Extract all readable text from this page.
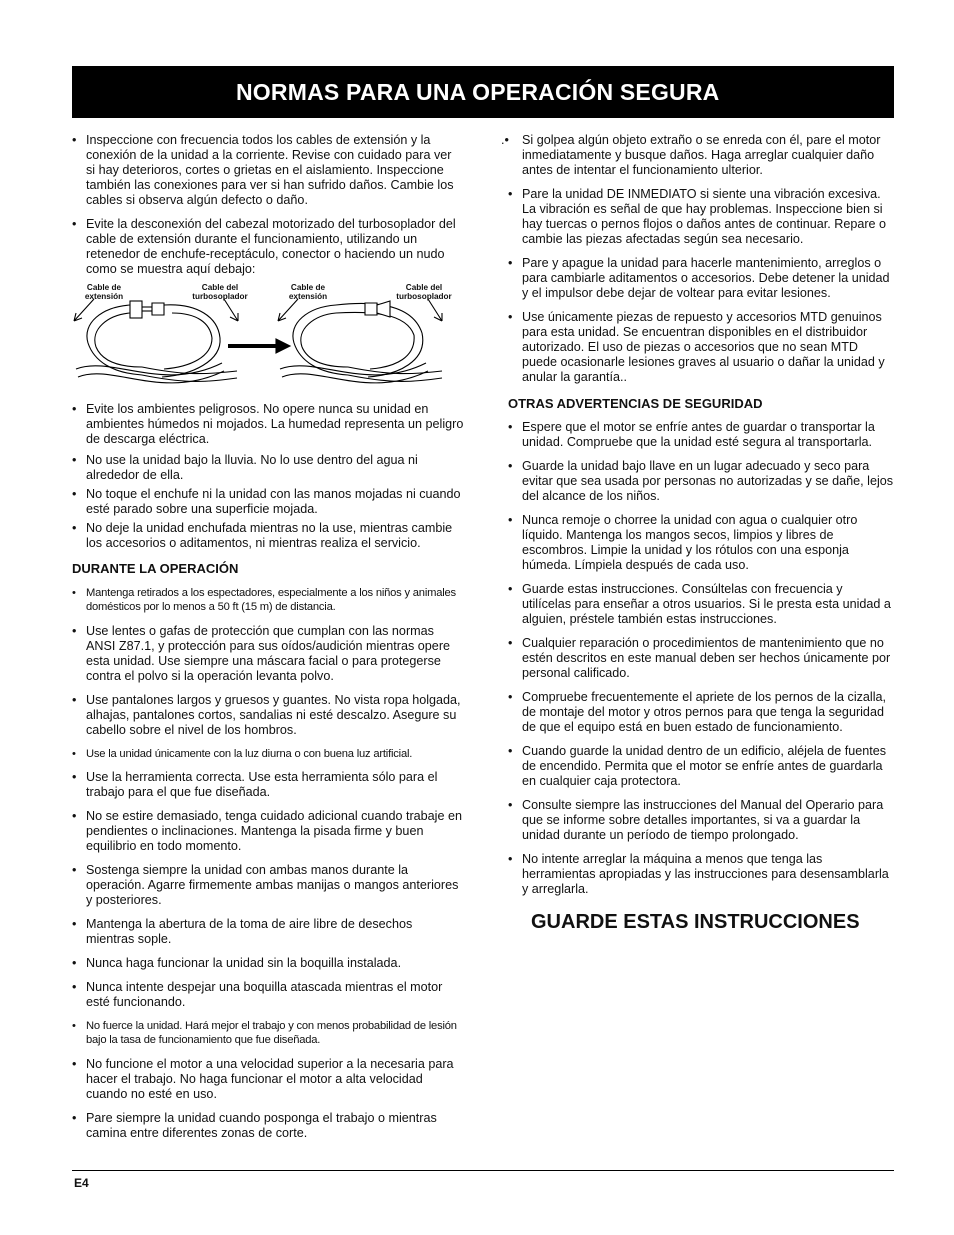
NORMAS PARA UNA OPERACIÓN SEGURA
• Inspeccione con frecuencia todos los cables de extensión y la conexión de la unidad a la corriente. Revise con cuidado para ver si hay deterioros, cortes o grietas en el aislamiento. Inspeccione también las conexiones para ver si han sufrido daños. Cambie los cables si observa algún defecto o daño.
• Evite la desconexión del cabezal motorizado del turbosoplador del cable de extensión durante el funcionamiento, utilizando un retenedor de enchufe-receptáculo, conector o haciendo un nudo como se muestra aquí debajo:
Cable de extensión
Cable del turbosoplador
Cable de extensión
Cable del turbosoplador
• Evite los ambientes peligrosos. No opere nunca su unidad en ambientes húmedos ni mojados. La humedad representa un peligro de descarga eléctrica.
• No use la unidad bajo la lluvia. No lo use dentro del agua ni alrededor de ella.
• No toque el enchufe ni la unidad con las manos mojadas ni cuando esté parado sobre una superficie mojada.
• No deje la unidad enchufada mientras no la use, mientras cambie los accesorios o aditamentos, ni mientras realiza el servicio.
DURANTE LA OPERACIÓN
• Mantenga retirados a los espectadores, especialmente a los niños y animales domésticos por lo menos a 50 ft (15 m) de distancia.
• Use lentes o gafas de protección que cumplan con las normas ANSI Z87.1, y protección para sus oídos/audición mientras opere esta unidad. Use siempre una máscara facial o para protegerse contra el polvo si la operación levanta polvo.
• Use pantalones largos y gruesos y guantes. No vista ropa holgada, alhajas, pantalones cortos, sandalias ni esté descalzo. Asegure su cabello sobre el nivel de los hombros.
• Use la unidad únicamente con la luz diurna o con buena luz artificial.
• Use la herramienta correcta. Use esta herramienta sólo para el trabajo para el que fue diseñada.
• No se estire demasiado, tenga cuidado adicional cuando trabaje en pendientes o inclinaciones. Mantenga la pisada firme y buen equilibrio en todo momento.
• Sostenga siempre la unidad con ambas manos durante la operación. Agarre firmemente ambas manijas o mangos anteriores y posteriores.
• Mantenga la abertura de la toma de aire libre de desechos mientras sople.
• Nunca haga funcionar la unidad sin la boquilla instalada.
• Nunca intente despejar una boquilla atascada mientras el motor esté funcionando.
• No fuerce la unidad. Hará mejor el trabajo y con menos probabilidad de lesión bajo la tasa de funcionamiento que fue diseñada.
• No funcione el motor a una velocidad superior a la necesaria para hacer el trabajo. No haga funcionar el motor a alta velocidad cuando no esté en uso.
• Pare siempre la unidad cuando posponga el trabajo o mientras camina entre diferentes zonas de corte.
.• Si golpea algún objeto extraño o se enreda con él, pare el motor inmediatamente y busque daños. Haga arreglar cualquier daño antes de intentar el funcionamiento ulterior.
• Pare la unidad DE INMEDIATO si siente una vibración excesiva. La vibración es señal de que hay problemas. Inspeccione bien si hay tuercas o pernos flojos o daños antes de continuar. Repare o cambie las piezas afectadas según sea necesario.
• Pare y apague la unidad para hacerle mantenimiento, arreglos o para cambiarle aditamentos o accesorios. Debe detener la unidad y el impulsor debe dejar de voltear para evitar lesiones.
• Use únicamente piezas de repuesto y accesorios MTD genuinos para esta unidad. Se encuentran disponibles en el distribuidor autorizado. El uso de piezas o accesorios que no sean MTD puede ocasionarle lesiones graves al usuario o dañar la unidad y anular la garantía..
OTRAS ADVERTENCIAS DE SEGURIDAD
• Espere que el motor se enfríe antes de guardar o transportar la unidad. Compruebe que la unidad esté segura al transportarla.
• Guarde la unidad bajo llave en un lugar adecuado y seco para evitar que sea usada por personas no autorizadas y se dañe, lejos del alcance de los niños.
• Nunca remoje o chorree la unidad con agua o cualquier otro líquido. Mantenga los mangos secos, limpios y libres de escombros. Limpie la unidad y los rótulos con una esponja húmeda. Límpiela después de cada uso.
• Guarde estas instrucciones. Consúltelas con frecuencia y utilícelas para enseñar a otros usuarios. Si le presta esta unidad a alguien, préstele también estas instrucciones.
• Cualquier reparación o procedimientos de mantenimiento que no estén descritos en este manual deben ser hechos únicamente por personal calificado.
• Compruebe frecuentemente el apriete de los pernos de la cizalla, de montaje del motor y otros pernos para que tenga la seguridad de que el equipo está en buen estado de funcionamiento.
• Cuando guarde la unidad dentro de un edificio, aléjela de fuentes de encendido. Permita que el motor se enfríe antes de guardarla en cualquier caja protectora.
• Consulte siempre las instrucciones del Manual del Operario para que se informe sobre detalles importantes, si va a guardar la unidad durante un período de tiempo prolongado.
• No intente arreglar la máquina a menos que tenga las herramientas apropiadas y las instrucciones para desensamblarla y arreglarla.
GUARDE ESTAS INSTRUCCIONES
E4
